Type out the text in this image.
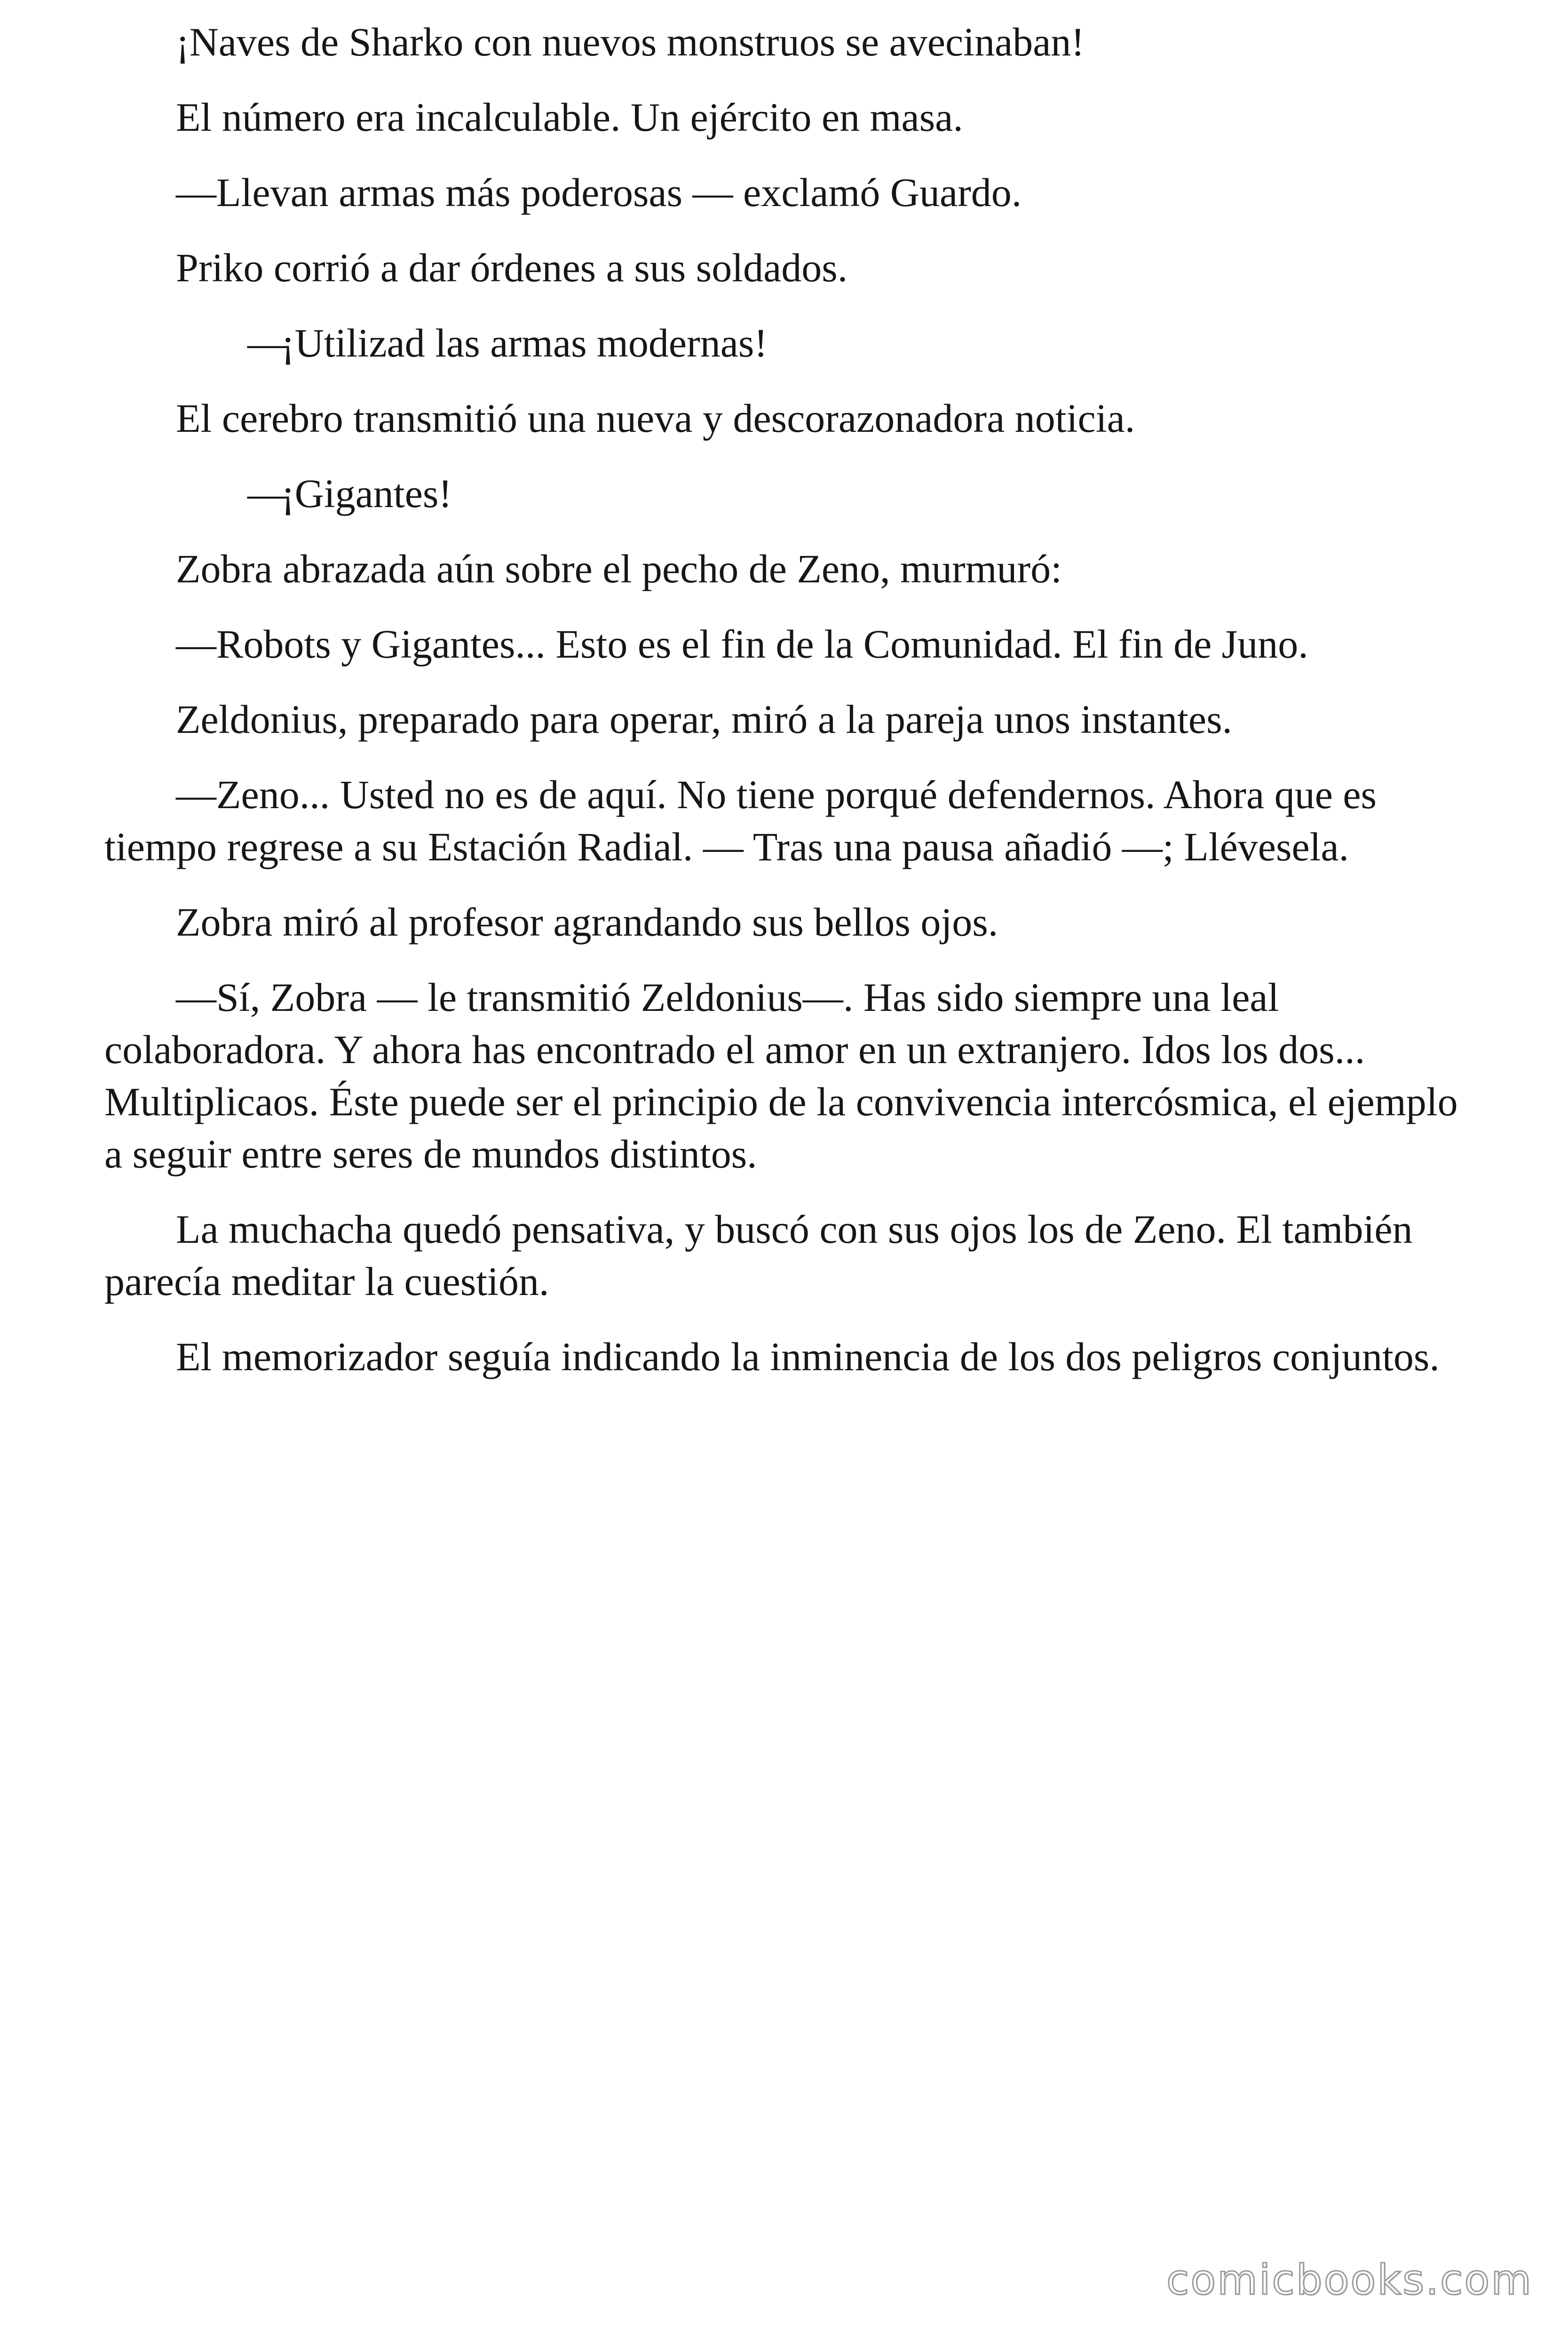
¡Naves de Sharko con nuevos monstruos se avecinaban!

El número era incalculable. Un ejército en masa.

—Llevan armas más poderosas — exclamó Guardo.

Priko corrió a dar órdenes a sus soldados.

—¡Utilizad las armas modernas!

El cerebro transmitió una nueva y descorazonadora noticia.

—¡Gigantes!

Zobra abrazada aún sobre el pecho de Zeno, murmuró:

—Robots y Gigantes... Esto es el fin de la Comunidad. El fin de Juno.

Zeldonius, preparado para operar, miró a la pareja unos instantes.

—Zeno... Usted no es de aquí. No tiene porqué defendernos. Ahora que es tiempo regrese a su Estación Radial. — Tras una pausa añadió —; Llévesela.

Zobra miró al profesor agrandando sus bellos ojos.

—Sí, Zobra — le transmitió Zeldonius—. Has sido siempre una leal colaboradora. Y ahora has encontrado el amor en un extranjero. Idos los dos... Multiplicaos. Éste puede ser el principio de la convivencia intercósmica, el ejemplo a seguir entre seres de mundos distintos.

La muchacha quedó pensativa, y buscó con sus ojos los de Zeno. El también parecía meditar la cuestión.

El memorizador seguía indicando la inminencia de los dos peligros conjuntos.

comicbooks.com
